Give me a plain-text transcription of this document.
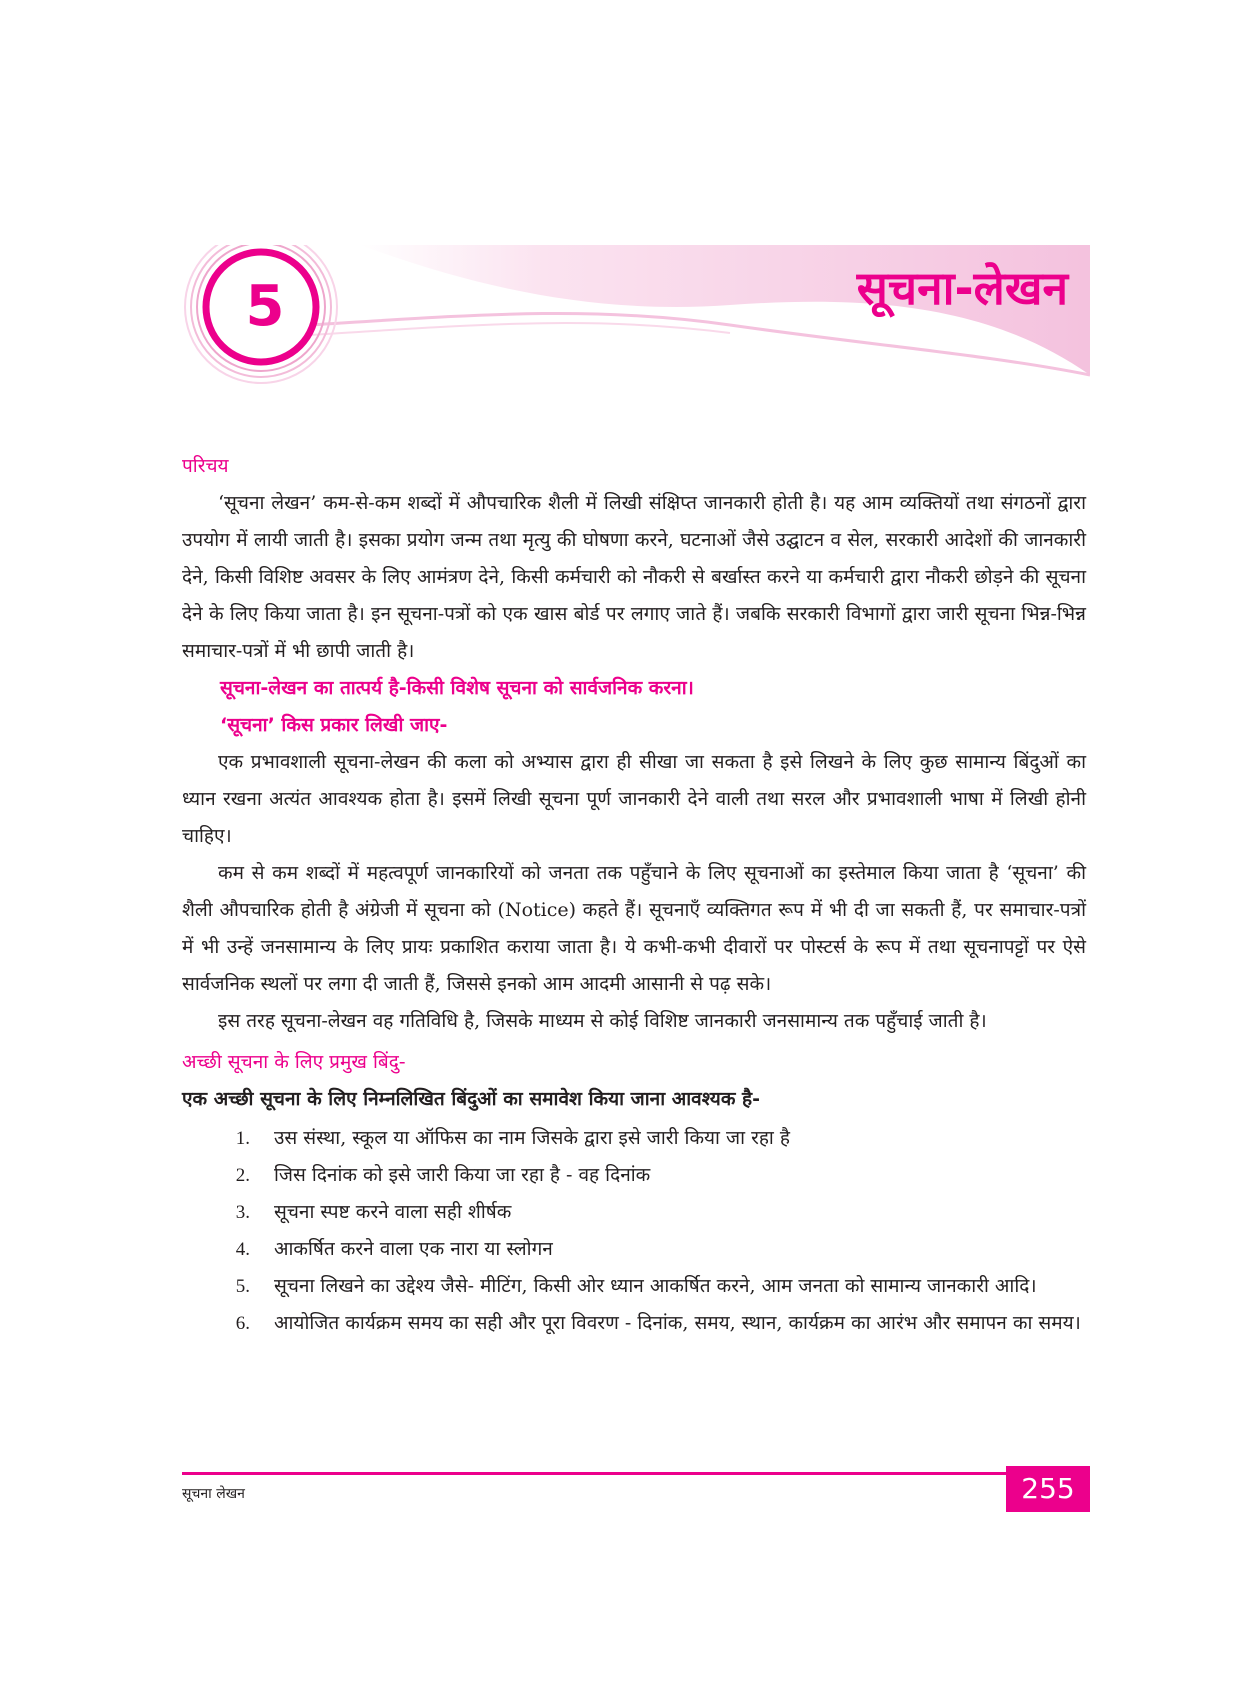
5	सूचना-लेखन
परिचय

‘सूचना लेखन’ कम-से-कम शब्दों में औपचारिक शैली में लिखी संक्षिप्त जानकारी होती है। यह आम व्यक्तियों तथा संगठनों द्वारा उपयोग में लायी जाती है। इसका प्रयोग जन्म तथा मृत्यु की घोषणा करने, घटनाओं जैसे उद्घाटन व सेल, सरकारी आदेशों की जानकारी देने, किसी विशिष्ट अवसर के लिए आमंत्रण देने, किसी कर्मचारी को नौकरी से बर्खास्त करने या कर्मचारी द्वारा नौकरी छोड़ने की सूचना देने के लिए किया जाता है। इन सूचना-पत्रों को एक खास बोर्ड पर लगाए जाते हैं। जबकि सरकारी विभागों द्वारा जारी सूचना भिन्न-भिन्न समाचार-पत्रों में भी छापी जाती है।

सूचना-लेखन का तात्पर्य है-किसी विशेष सूचना को सार्वजनिक करना।
‘सूचना’ किस प्रकार लिखी जाए-

एक प्रभावशाली सूचना-लेखन की कला को अभ्यास द्वारा ही सीखा जा सकता है इसे लिखने के लिए कुछ सामान्य बिंदुओं का ध्यान रखना अत्यंत आवश्यक होता है। इसमें लिखी सूचना पूर्ण जानकारी देने वाली तथा सरल और प्रभावशाली भाषा में लिखी होनी चाहिए।

कम से कम शब्दों में महत्वपूर्ण जानकारियों को जनता तक पहुँचाने के लिए सूचनाओं का इस्तेमाल किया जाता है ‘सूचना’ की शैली औपचारिक होती है अंग्रेजी में सूचना को (Notice) कहते हैं। सूचनाएँ व्यक्तिगत रूप में भी दी जा सकती हैं, पर समाचार-पत्रों में भी उन्हें जनसामान्य के लिए प्रायः प्रकाशित कराया जाता है। ये कभी-कभी दीवारों पर पोस्टर्स के रूप में तथा सूचनापट्टों पर ऐसे सार्वजनिक स्थलों पर लगा दी जाती हैं, जिससे इनको आम आदमी आसानी से पढ़ सके।

इस तरह सूचना-लेखन वह गतिविधि है, जिसके माध्यम से कोई विशिष्ट जानकारी जनसामान्य तक पहुँचाई जाती है।

अच्छी सूचना के लिए प्रमुख बिंदु-
एक अच्छी सूचना के लिए निम्नलिखित बिंदुओं का समावेश किया जाना आवश्यक है-
1.	उस संस्था, स्कूल या ऑफिस का नाम जिसके द्वारा इसे जारी किया जा रहा है
2.	जिस दिनांक को इसे जारी किया जा रहा है - वह दिनांक
3.	सूचना स्पष्ट करने वाला सही शीर्षक
4.	आकर्षित करने वाला एक नारा या स्लोगन
5.	सूचना लिखने का उद्देश्य जैसे- मीटिंग, किसी ओर ध्यान आकर्षित करने, आम जनता को सामान्य जानकारी आदि।
6.	आयोजित कार्यक्रम समय का सही और पूरा विवरण - दिनांक, समय, स्थान, कार्यक्रम का आरंभ और समापन का समय।
सूचना लेखन	255
